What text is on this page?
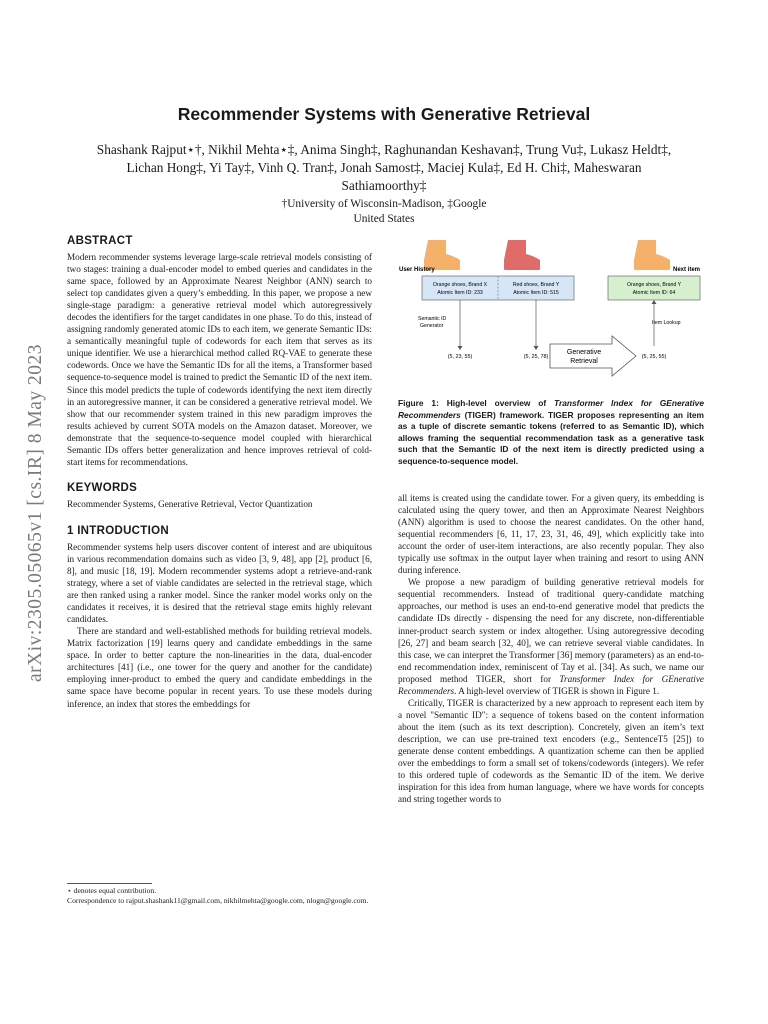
arXiv:2305.05065v1 [cs.IR] 8 May 2023
Recommender Systems with Generative Retrieval
Shashank Rajput⋆†, Nikhil Mehta⋆‡, Anima Singh‡, Raghunandan Keshavan‡, Trung Vu‡, Lukasz Heldt‡, Lichan Hong‡, Yi Tay‡, Vinh Q. Tran‡, Jonah Samost‡, Maciej Kula‡, Ed H. Chi‡, Maheswaran Sathiamoorthy‡
†University of Wisconsin-Madison, ‡Google
United States
ABSTRACT

Modern recommender systems leverage large-scale retrieval models consisting of two stages: training a dual-encoder model to embed queries and candidates in the same space, followed by an Approximate Nearest Neighbor (ANN) search to select top candidates given a query’s embedding. In this paper, we propose a new single-stage paradigm: a generative retrieval model which autoregressively decodes the identifiers for the target candidates in one phase. To do this, instead of assigning randomly generated atomic IDs to each item, we generate Semantic IDs: a semantically meaningful tuple of codewords for each item that serves as its unique identifier. We use a hierarchical method called RQ-VAE to generate these codewords. Once we have the Semantic IDs for all the items, a Transformer based sequence-to-sequence model is trained to predict the Semantic ID of the next item. Since this model predicts the tuple of codewords identifying the next item directly in an autoregressive manner, it can be considered a generative retrieval model. We show that our recommender system trained in this new paradigm improves the results achieved by current SOTA models on the Amazon dataset. Moreover, we demonstrate that the sequence-to-sequence model coupled with hierarchical Semantic IDs offers better generalization and hence improves retrieval of cold-start items for recommendations.

KEYWORDS

Recommender Systems, Generative Retrieval, Vector Quantization

1 INTRODUCTION

Recommender systems help users discover content of interest and are ubiquitous in various recommendation domains such as video [3, 9, 48], app [2], product [6, 8], and music [18, 19]. Modern recommender systems adopt a retrieve-and-rank strategy, where a set of viable candidates are selected in the retrieval stage, which are then ranked using a ranker model. Since the ranker model works only on the candidates it receives, it is desired that the retrieval stage emits highly relevant candidates.

There are standard and well-established methods for building retrieval models. Matrix factorization [19] learns query and candidate embeddings in the same space. In order to better capture the non-linearities in the data, dual-encoder architectures [41] (i.e., one tower for the query and another for the candidate) employing inner-product to embed the query and candidate embeddings in the same space have become popular in recent years. To use these models during inference, an index that stores the embeddings for

⋆ denotes equal contribution.
Correspondence to rajput.shashank11@gmail.com, nikhilmehta@google.com, nlogn@google.com.
User History	Next item
Orange shoes, Brand X
Atomic Item ID: 233
Red shoes, Brand Y
Atomic Item ID: 515
Orange shoes, Brand Y
Atomic Item ID: 64
Semantic ID
Generator	Item Lookup
(5, 23, 55)	(5, 25, 78)	(5, 25, 55)
Generative
Retrieval
Figure 1: High-level overview of Transformer Index for GEnerative Recommenders (TIGER) framework. TIGER proposes representing an item as a tuple of discrete semantic tokens (referred to as Semantic ID), which allows framing the sequential recommendation task as a generative task such that the Semantic ID of the next item is directly predicted using a sequence-to-sequence model.

all items is created using the candidate tower. For a given query, its embedding is calculated using the query tower, and then an Approximate Nearest Neighbors (ANN) algorithm is used to choose the nearest candidates. On the other hand, sequential recommenders [6, 11, 17, 23, 31, 46, 49], which explicitly take into account the order of user-item interactions, are also recently popular. They also typically use softmax in the output layer when training and resort to using ANN during inference.

We propose a new paradigm of building generative retrieval models for sequential recommenders. Instead of traditional query-candidate matching approaches, our method is uses an end-to-end generative model that predicts the candidate IDs directly - dispensing the need for any discrete, non-differentiable inner-product search system or index altogether. Using autoregressive decoding [26, 27] and beam search [32, 40], we can retrieve several viable candidates. In this case, we can interpret the Transformer [36] memory (parameters) as an end-to-end recommendation index, reminiscent of Tay et al. [34]. As such, we name our proposed method TIGER, short for Transformer Index for GEnerative Recommenders. A high-level overview of TIGER is shown in Figure 1.

Critically, TIGER is characterized by a new approach to represent each item by a novel "Semantic ID": a sequence of tokens based on the content information about the item (such as its text description). Concretely, given an item’s text description, we can use pre-trained text encoders (e.g., SentenceT5 [25]) to generate dense content embeddings. A quantization scheme can then be applied over the embeddings to form a small set of tokens/codewords (integers). We refer to this ordered tuple of codewords as the Semantic ID of the item. We derive inspiration for this idea from human language, where we have words for concepts and string together words to
